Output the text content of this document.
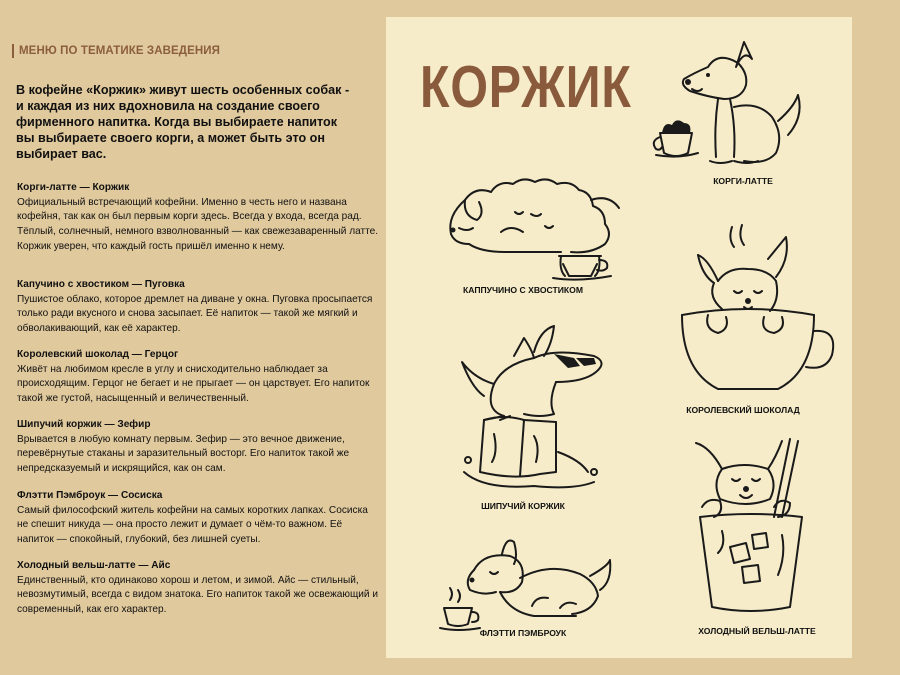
МЕНЮ ПО ТЕМАТИКЕ ЗАВЕДЕНИЯ
В кофейне «Коржик» живут шесть особенных собак - и каждая из них вдохновила на создание своего фирменного напитка. Когда вы выбираете напиток вы выбираете своего корги, а может быть это он выбирает вас.
Корги-латте — Коржик
Официальный встречающий кофейни. Именно в честь него и названа кофейня, так как он был первым корги здесь. Всегда у входа, всегда рад. Тёплый, солнечный, немного взволнованный — как свежезаваренный латте. Коржик уверен, что каждый гость пришёл именно к нему.
Капучино с хвостиком — Пуговка
Пушистое облако, которое дремлет на диване у окна. Пуговка просыпается только ради вкусного и снова засыпает. Её напиток — такой же мягкий и обволакивающий, как её характер.
Королевский шоколад — Герцог
Живёт на любимом кресле в углу и снисходительно наблюдает за происходящим. Герцог не бегает и не прыгает — он царствует. Его напиток такой же густой, насыщенный и величественный.
Шипучий коржик — Зефир
Врывается в любую комнату первым. Зефир — это вечное движение, перевёрнутые стаканы и заразительный восторг. Его напиток такой же непредсказуемый и искрящийся, как он сам.
Флэтти Пэмброук — Сосиска
Самый философский житель кофейни на самых коротких лапках. Сосиска не спешит никуда — она просто лежит и думает о чём-то важном. Её напиток — спокойный, глубокий, без лишней суеты.
Холодный вельш-латте — Айс
Единственный, кто одинаково хорош и летом, и зимой. Айс — стильный, невозмутимый, всегда с видом знатока. Его напиток такой же освежающий и современный, как его характер.
КОРЖИК
КОРГИ-ЛАТТЕ
КАППУЧИНО С ХВОСТИКОМ
КОРОЛЕВСКИЙ ШОКОЛАД
ШИПУЧИЙ КОРЖИК
ХОЛОДНЫЙ ВЕЛЬШ-ЛАТТЕ
ФЛЭТТИ ПЭМБРОУК
